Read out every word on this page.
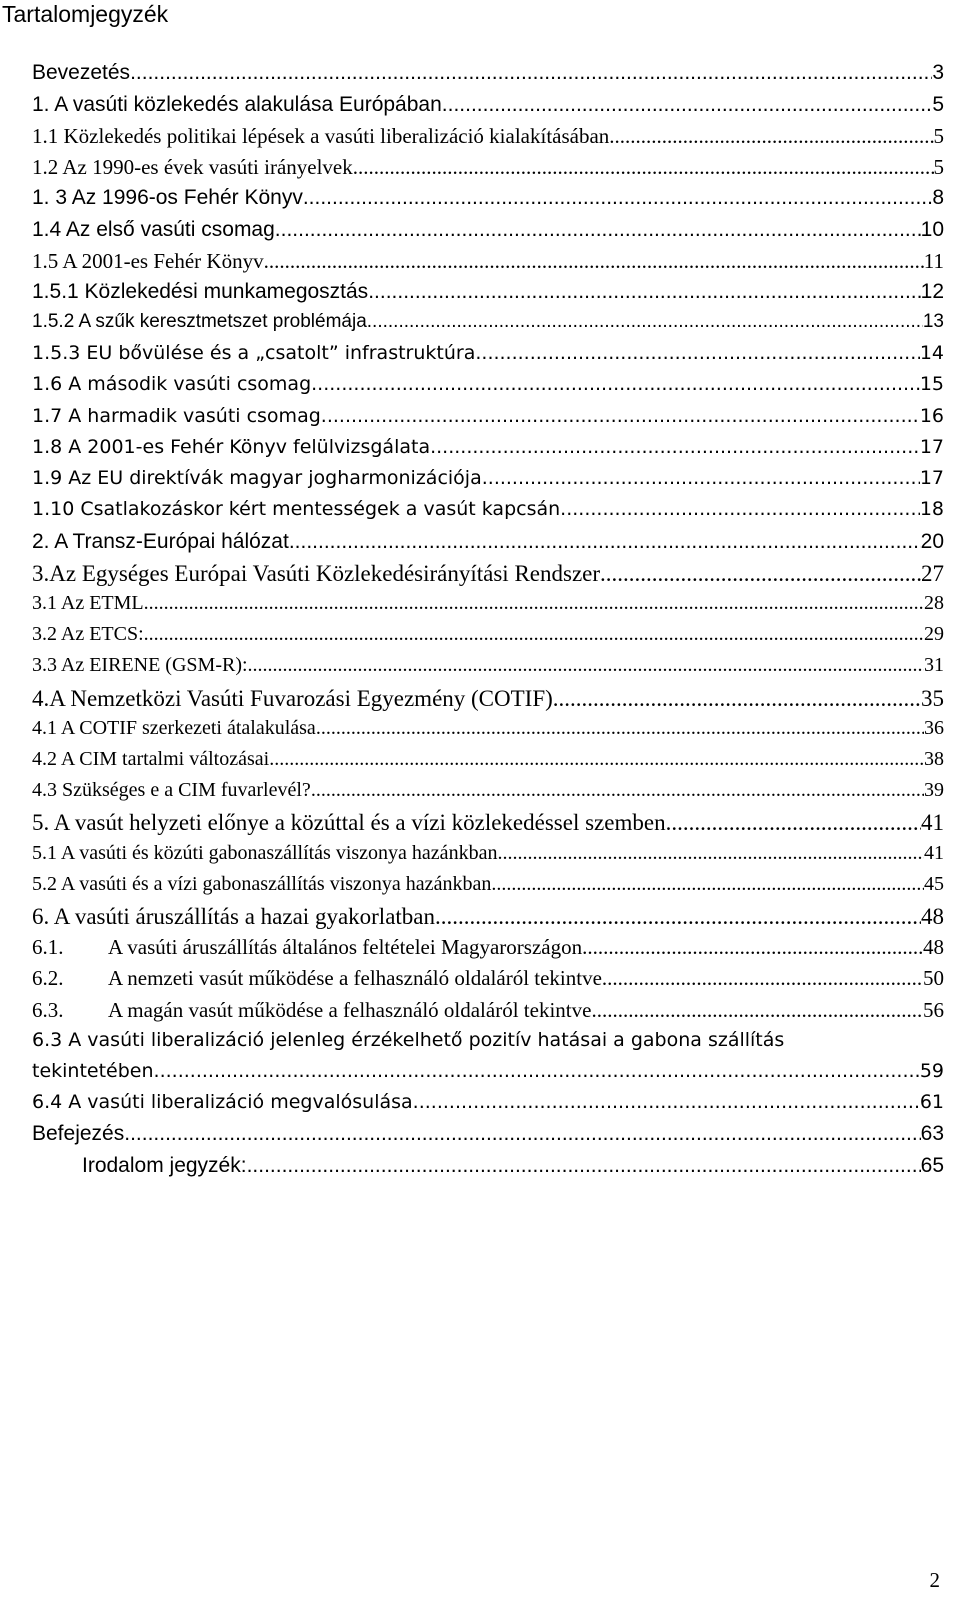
Tartalomjegyzék
Bevezetés .....	3
1. A vasúti közlekedés alakulása Európában .....	5
1.1 Közlekedés politikai lépések a vasúti liberalizáció kialakításában .....	5
1.2 Az 1990-es évek vasúti irányelvek .....	5
1. 3 Az 1996-os Fehér Könyv .....	8
1.4 Az első vasúti csomag .....	10
1.5 A 2001-es Fehér Könyv .....	11
1.5.1 Közlekedési munkamegosztás .....	12
1.5.2 A szűk keresztmetszet problémája .....	13
1.5.3 EU bővülése és a „csatolt” infrastruktúra .....	14
1.6 A második vasúti csomag .....	15
1.7 A harmadik vasúti csomag .....	16
1.8 A 2001-es Fehér Könyv felülvizsgálata .....	17
1.9 Az EU direktívák magyar jogharmonizációja .....	17
1.10 Csatlakozáskor kért mentességek a vasút kapcsán .....	18
2. A Transz-Európai hálózat .....	20
3.Az Egységes Európai Vasúti Közlekedésirányítási Rendszer .....	27
3.1 Az ETML .....	28
3.2 Az ETCS: .....	29
3.3 Az EIRENE (GSM-R): .....	31
4.A Nemzetközi Vasúti Fuvarozási Egyezmény (COTIF) .....	35
4.1 A COTIF szerkezeti átalakulása .....	36
4.2 A CIM tartalmi változásai .....	38
4.3 Szükséges e a CIM fuvarlevél? .....	39
5. A vasút helyzeti előnye a közúttal és a vízi közlekedéssel szemben .....	41
5.1 A vasúti és közúti gabonaszállítás viszonya hazánkban .....	41
5.2 A vasúti és a vízi gabonaszállítás viszonya hazánkban .....	45
6. A vasúti áruszállítás a hazai gyakorlatban .....	48
6.1. A vasúti áruszállítás általános feltételei Magyarországon .....	48
6.2. A nemzeti vasút működése a felhasználó oldaláról tekintve .....	50
6.3. A magán vasút működése a felhasználó oldaláról tekintve .....	56
6.3 A vasúti liberalizáció jelenleg érzékelhető pozitív hatásai a gabona szállítás
tekintetében .....	59
6.4 A vasúti liberalizáció megvalósulása .....	61
Befejezés .....	63
Irodalom jegyzék: .....	65
2
